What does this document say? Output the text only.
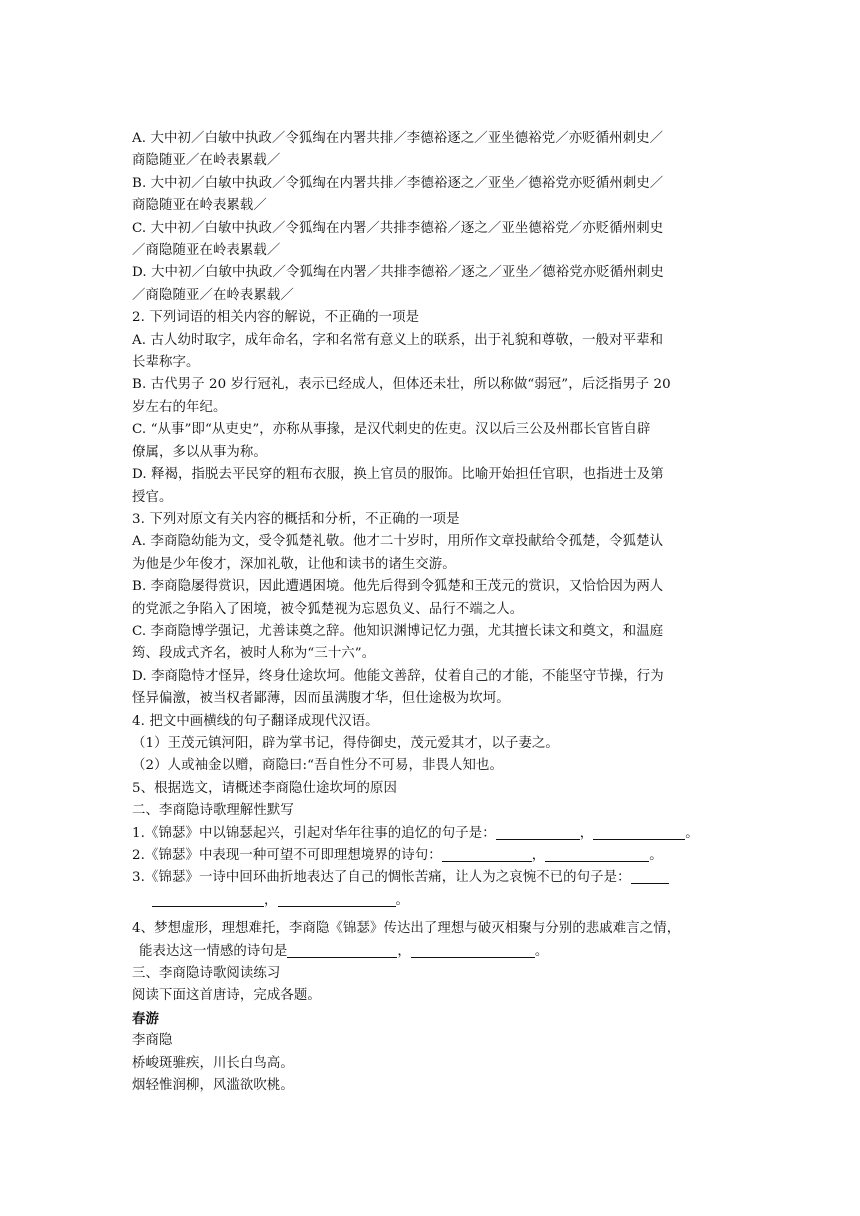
A. 大中初／白敏中执政／令狐绹在内署共排／李德裕逐之／亚坐德裕党／亦贬循州刺史／
商隐随亚／在岭表累载／
B. 大中初／白敏中执政／令狐绹在内署共排／李德裕逐之／亚坐／德裕党亦贬循州刺史／
商隐随亚在岭表累载／
C. 大中初／白敏中执政／令狐绹在内署／共排李德裕／逐之／亚坐德裕党／亦贬循州刺史
／商隐随亚在岭表累载／
D. 大中初／白敏中执政／令狐绹在内署／共排李德裕／逐之／亚坐／德裕党亦贬循州刺史
／商隐随亚／在岭表累载／
2. 下列词语的相关内容的解说，不正确的一项是
A. 古人幼时取字，成年命名，字和名常有意义上的联系，出于礼貌和尊敬，一般对平辈和
长辈称字。
B. 古代男子 20 岁行冠礼，表示已经成人，但体还未壮，所以称做“弱冠”，后泛指男子 20
岁左右的年纪。
C. “从事”即“从吏史”，亦称从事掾，是汉代刺史的佐吏。汉以后三公及州郡长官皆自辟
僚属，多以从事为称。
D. 释褐，指脱去平民穿的粗布衣服，换上官员的服饰。比喻开始担任官职，也指进士及第
授官。
3. 下列对原文有关内容的概括和分析，不正确的一项是
A. 李商隐幼能为文，受令狐楚礼敬。他才二十岁时，用所作文章投献给令孤楚，令狐楚认
为他是少年俊才，深加礼敬，让他和读书的诸生交游。
B. 李商隐屡得赏识，因此遭遇困境。他先后得到令狐楚和王茂元的赏识，又恰恰因为两人
的党派之争陷入了困境，被令狐楚视为忘恩负义、品行不端之人。
C. 李商隐博学强记，尤善诔奠之辞。他知识渊博记忆力强，尤其擅长诔文和奠文，和温庭
筠、段成式齐名，被时人称为“三十六”。
D. 李商隐恃才怪异，终身仕途坎坷。他能文善辞，仗着自己的才能，不能坚守节操，行为
怪异偏激，被当权者鄙薄，因而虽满腹才华，但仕途极为坎坷。
4. 把文中画横线的句子翻译成现代汉语。
（1）王茂元镇河阳，辟为掌书记，得侍御史，茂元爱其才，以子妻之。
（2）人或袖金以赠，商隐曰:“吾自性分不可易，非畏人知也。
5、根据选文，请概述李商隐仕途坎坷的原因
二、李商隐诗歌理解性默写
1.《锦瑟》中以锦瑟起兴，引起对华年往事的追忆的句子是：	，	。
2.《锦瑟》中表现一种可望不可即理想境界的诗句：	，	。
3.《锦瑟》一诗中回环曲折地表达了自己的惆怅苦痛，让人为之哀惋不已的句子是：
，	。
4、梦想虚形，理想难托，李商隐《锦瑟》传达出了理想与破灭相聚与分别的悲戚难言之情，
能表达这一情感的诗句是	，	。
三、李商隐诗歌阅读练习
阅读下面这首唐诗，完成各题。
春游
李商隐
桥峻斑骓疾，川长白鸟高。
烟轻惟润柳，风滥欲吹桃。
